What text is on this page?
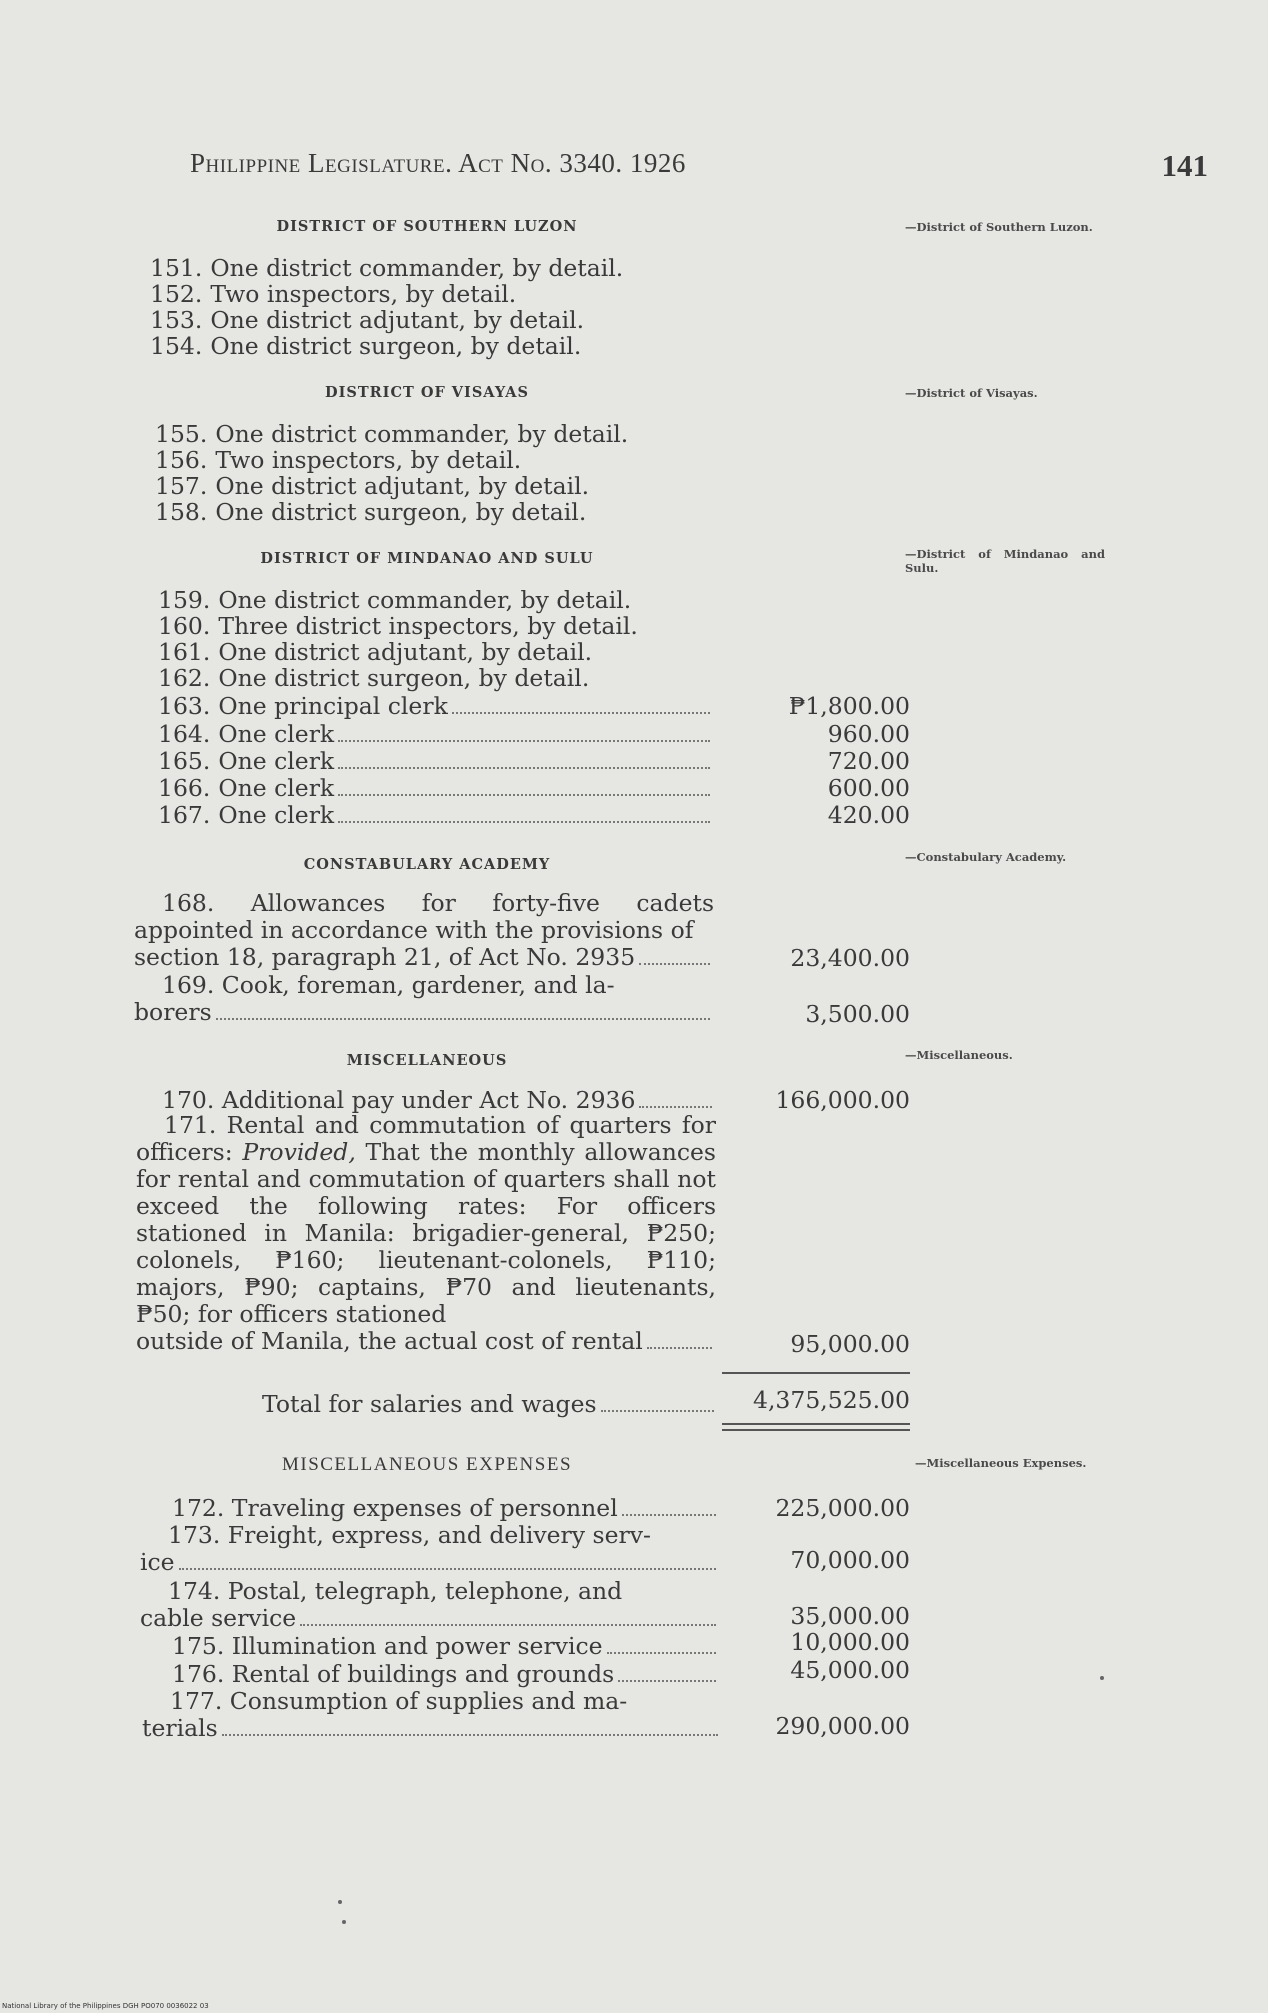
Philippine Legislature. Act No. 3340. 1926	141
DISTRICT OF SOUTHERN LUZON	—District of Southern Luzon.
151. One district commander, by detail.
152. Two inspectors, by detail.
153. One district adjutant, by detail.
154. One district surgeon, by detail.
DISTRICT OF VISAYAS	—District of Visayas.
155. One district commander, by detail.
156. Two inspectors, by detail.
157. One district adjutant, by detail.
158. One district surgeon, by detail.
DISTRICT OF MINDANAO AND SULU	—District of Mindanao and Sulu.
159. One district commander, by detail.
160. Three district inspectors, by detail.
161. One district adjutant, by detail.
162. One district surgeon, by detail.
163. One principal clerk	₱1,800.00
164. One clerk	960.00
165. One clerk	720.00
166. One clerk	600.00
167. One clerk	420.00
CONSTABULARY ACADEMY	—Constabulary Academy.
168. Allowances for forty-five cadets appointed in accordance with the provisions of
section 18, paragraph 21, of Act No. 2935	23,400.00
169. Cook, foreman, gardener, and la-
borers	3,500.00
MISCELLANEOUS	—Miscellaneous.
170. Additional pay under Act No. 2936	166,000.00
171. Rental and commutation of quarters for officers: Provided, That the monthly allowances for rental and commutation of quarters shall not exceed the following rates: For officers stationed in Manila: brigadier-general, ₱250; colonels, ₱160; lieutenant-colonels, ₱110; majors, ₱90; captains, ₱70 and lieutenants, ₱50; for officers stationed
outside of Manila, the actual cost of rental	95,000.00
Total for salaries and wages	4,375,525.00
MISCELLANEOUS EXPENSES	—Miscellaneous Expenses.
172. Traveling expenses of personnel	225,000.00
173. Freight, express, and delivery serv-
ice	70,000.00
174. Postal, telegraph, telephone, and
cable service	35,000.00
175. Illumination and power service	10,000.00
176. Rental of buildings and grounds	45,000.00
177. Consumption of supplies and ma-
terials	290,000.00
National Library of the Philippines DGH PO070 0036022 03
